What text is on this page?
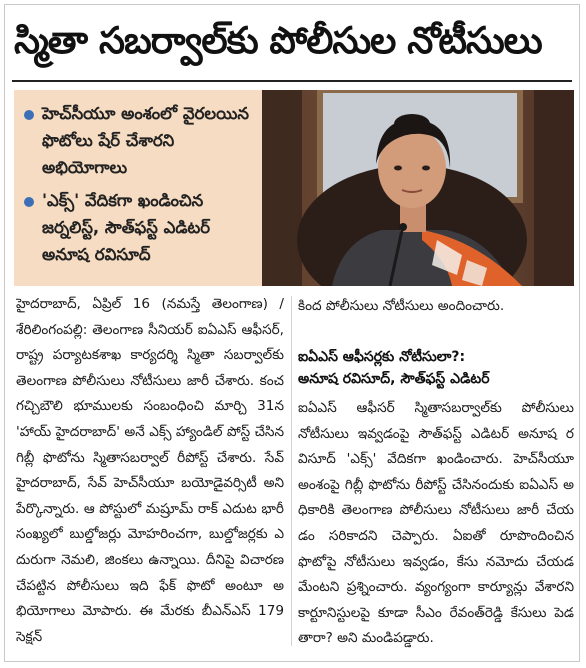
స్మితా సబర్వాల్‌కు పోలీసుల నోటీసులు
హెచ్‌సీయూ అంశంలో వైరలయిన ఫొటోలు షేర్ చేశారని అభియోగాలు
'ఎక్స్' వేదికగా ఖండించిన జర్నలిస్ట్, సౌత్‌ఫస్ట్ ఎడిటర్ అనూష రవిసూద్
హైదరాబాద్, ఏప్రిల్ 16 (నమస్తే తెలంగాణ) /శేరిలింగంపల్లి: తెలంగాణ సీనియర్ ఐఏఎస్ ఆఫీసర్, రాష్ట్ర పర్యాటకశాఖ కార్యదర్శి స్మితా సబర్వాల్‌కు తెలంగాణ పోలీసులు నోటీసులు జారీ చేశారు. కంచ గచ్చిబౌలి భూములకు సంబంధించి మార్చి 31న 'హాయ్ హైదరాబాద్' అనే ఎక్స్ హ్యాండిల్ పోస్ట్ చేసిన గిబ్లీ ఫొటోను స్మితాసబర్వాల్ రీపోస్ట్ చేశారు. సేవ్ హైదరాబాద్, సేవ్ హెచ్‌సీయూ బయోడైవర్సిటీ అని పేర్కొన్నారు. ఆ పోస్టులో మష్రూమ్ రాక్ ఎదుట భారీ సంఖ్యలో బుల్డోజర్లు మోహరించగా, బుల్డోజర్లకు ఎదురుగా నెమలి, జింకలు ఉన్నాయి. దీనిపై విచారణ చేపట్టిన పోలీసులు ఇది ఫేక్ ఫొటో అంటూ అభియోగాలు మోపారు. ఈ మేరకు బీఎన్ఎస్ 179 సెక్షన్
కింద పోలీసులు నోటీసులు అందించారు.
ఐఏఎస్ ఆఫీసర్లకు నోటీసులా?:
అనూష రవిసూద్, సౌత్‌ఫస్ట్ ఎడిటర్
ఐఏఎస్ ఆఫీసర్ స్మితాసబర్వాల్‌కు పోలీసులు నోటీసులు ఇవ్వడంపై సౌత్‌ఫస్ట్ ఎడిటర్ అనూష రవిసూద్ 'ఎక్స్' వేదికగా ఖండించారు. హెచ్‌సీయూ అంశంపై గిబ్లీ ఫొటోను రీపోస్ట్ చేసినందుకు ఐఏఎస్ అధికారికి తెలంగాణ పోలీసులు నోటీసులు జారీ చేయడం సరికాదని చెప్పారు. ఏఐతో రూపొందించిన ఫొటోపై నోటీసులు ఇవ్వడం, కేసు నమోదు చేయడమేంటని ప్రశ్నించారు. వ్యంగ్యంగా కార్యూన్లు వేశారని కార్టూనిస్టులపై కూడా సీఎం రేవంత్‌రెడ్డి కేసులు పెడతారా? అని మండిపడ్డారు.
